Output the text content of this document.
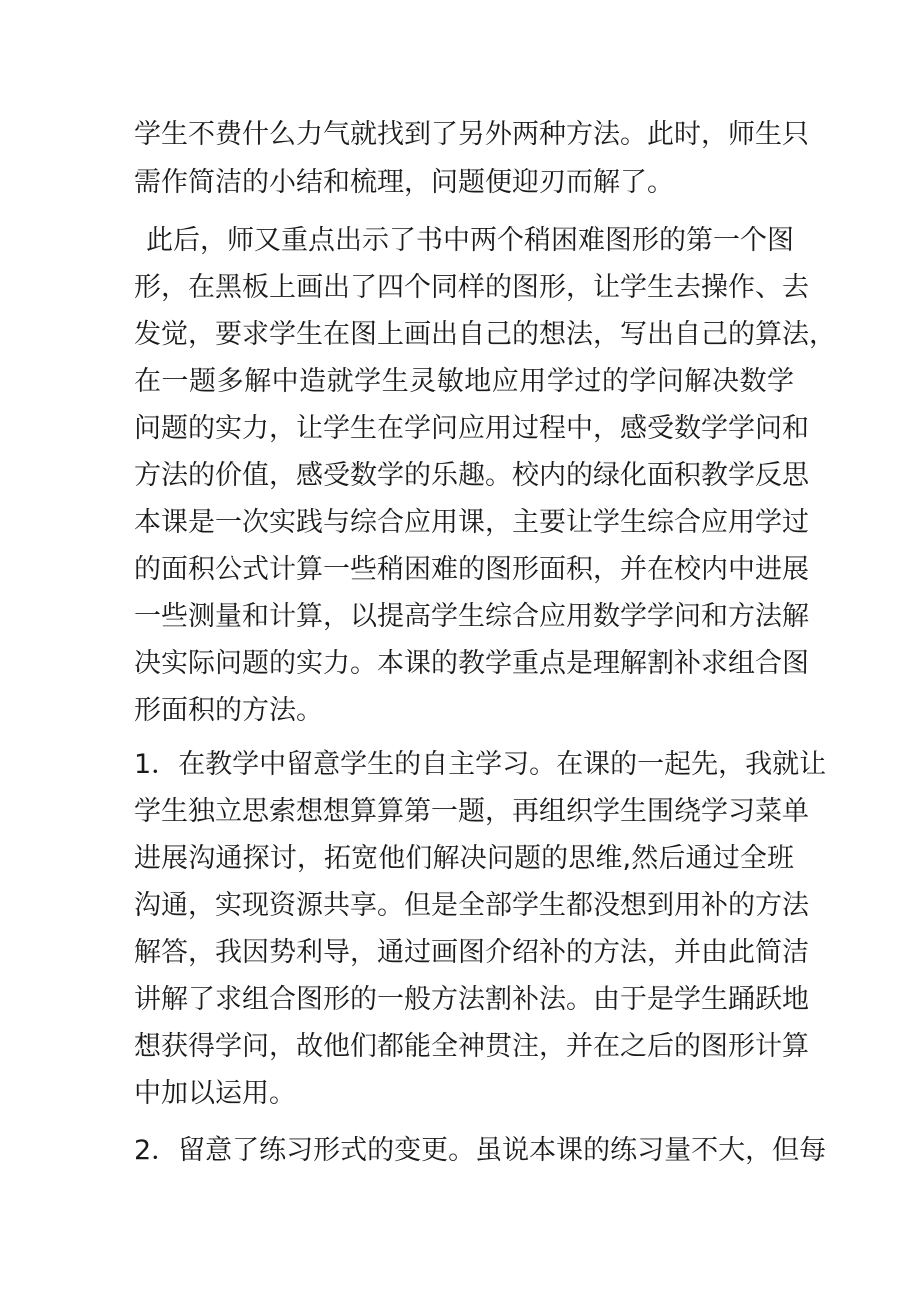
学生不费什么力气就找到了另外两种方法。此时，师生只
需作简洁的小结和梳理，问题便迎刃而解了。
此后，师又重点出示了书中两个稍困难图形的第一个图
形，在黑板上画出了四个同样的图形，让学生去操作、去
发觉，要求学生在图上画出自己的想法，写出自己的算法，
在一题多解中造就学生灵敏地应用学过的学问解决数学
问题的实力，让学生在学问应用过程中，感受数学学问和
方法的价值，感受数学的乐趣。校内的绿化面积教学反思
本课是一次实践与综合应用课，主要让学生综合应用学过
的面积公式计算一些稍困难的图形面积，并在校内中进展
一些测量和计算，以提高学生综合应用数学学问和方法解
决实际问题的实力。本课的教学重点是理解割补求组合图
形面积的方法。
1．在教学中留意学生的自主学习。在课的一起先，我就让
学生独立思索想想算算第一题，再组织学生围绕学习菜单
进展沟通探讨，拓宽他们解决问题的思维,然后通过全班
沟通，实现资源共享。但是全部学生都没想到用补的方法
解答，我因势利导，通过画图介绍补的方法，并由此简洁
讲解了求组合图形的一般方法割补法。由于是学生踊跃地
想获得学问，故他们都能全神贯注，并在之后的图形计算
中加以运用。
2．留意了练习形式的变更。虽说本课的练习量不大，但每
